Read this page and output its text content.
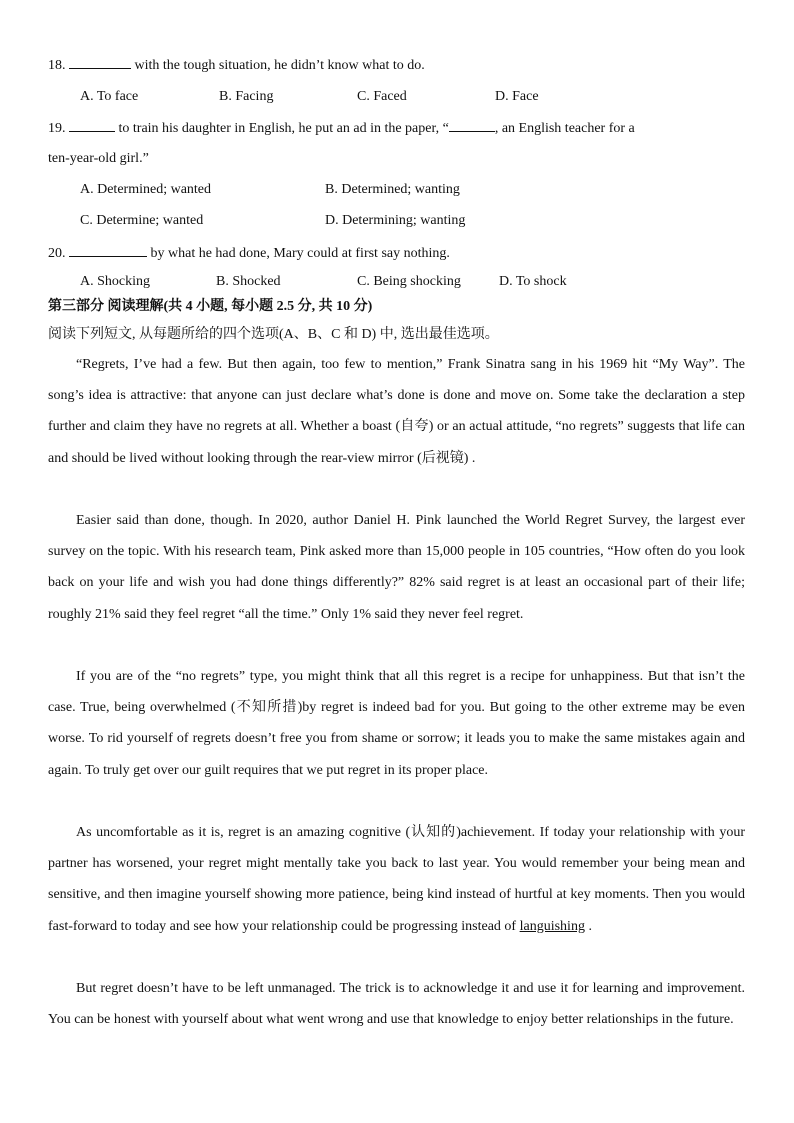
18.	with the tough situation, he didn’t know what to do.
A. To face	B. Facing	C. Faced	D. Face
19.	to train his daughter in English, he put an ad in the paper, “	, an English teacher for a
ten-year-old girl.”
A. Determined; wanted	B. Determined; wanting
C. Determine; wanted	D. Determining; wanting
20.	by what he had done, Mary could at first say nothing.
A. Shocking	B. Shocked	C. Being shocking	D. To shock
第三部分 阅读理解(共 4 小题, 每小题 2.5 分, 共 10 分)
阅读下列短文, 从每题所给的四个选项(A、B、C 和 D) 中, 选出最佳选项。
“Regrets, I’ve had a few. But then again, too few to mention,” Frank Sinatra sang in his 1969 hit “My Way”. The song’s idea is attractive: that anyone can just declare what’s done is done and move on. Some take the declaration a step further and claim they have no regrets at all. Whether a boast (自夸) or an actual attitude, “no regrets” suggests that life can and should be lived without looking through the rear-view mirror (后视镜) .
Easier said than done, though. In 2020, author Daniel H. Pink launched the World Regret Survey, the largest ever survey on the topic. With his research team, Pink asked more than 15,000 people in 105 countries, “How often do you look back on your life and wish you had done things differently?” 82% said regret is at least an occasional part of their life; roughly 21% said they feel regret “all the time.” Only 1% said they never feel regret.
If you are of the “no regrets” type, you might think that all this regret is a recipe for unhappiness. But that isn’t the case. True, being overwhelmed (不知所措)by regret is indeed bad for you. But going to the other extreme may be even worse. To rid yourself of regrets doesn’t free you from shame or sorrow; it leads you to make the same mistakes again and again. To truly get over our guilt requires that we put regret in its proper place.
As uncomfortable as it is, regret is an amazing cognitive (认知的)achievement. If today your relationship with your partner has worsened, your regret might mentally take you back to last year. You would remember your being mean and sensitive, and then imagine yourself showing more patience, being kind instead of hurtful at key moments. Then you would fast-forward to today and see how your relationship could be progressing instead of languishing .
But regret doesn’t have to be left unmanaged. The trick is to acknowledge it and use it for learning and improvement. You can be honest with yourself about what went wrong and use that knowledge to enjoy better relationships in the future.
